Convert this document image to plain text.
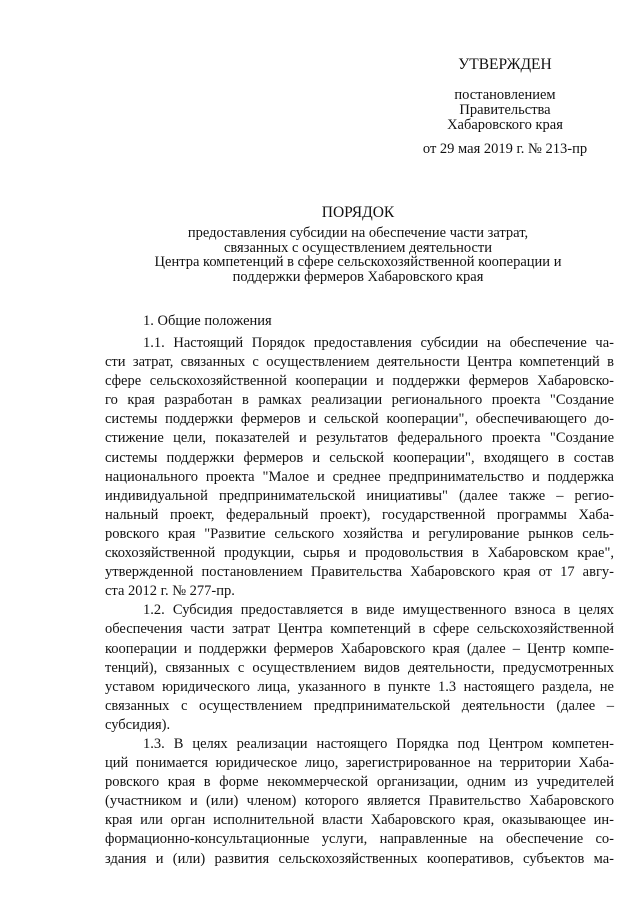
УТВЕРЖДЕН
постановлением
Правительства
Хабаровского края
от 29 мая 2019 г. № 213-пр
ПОРЯДОК
предоставления субсидии на обеспечение части затрат,
связанных с осуществлением деятельности
Центра компетенций в сфере сельскохозяйственной кооперации и
поддержки фермеров Хабаровского края
1. Общие положения
1.1. Настоящий Порядок предоставления субсидии на обеспечение ча-
сти затрат, связанных с осуществлением деятельности Центра компетенций в
сфере сельскохозяйственной кооперации и поддержки фермеров Хабаровско-
го края разработан в рамках реализации регионального проекта "Создание
системы поддержки фермеров и сельской кооперации", обеспечивающего до-
стижение цели, показателей и результатов федерального проекта "Создание
системы поддержки фермеров и сельской кооперации", входящего в состав
национального проекта "Малое и среднее предпринимательство и поддержка
индивидуальной предпринимательской инициативы" (далее также – регио-
нальный проект, федеральный проект), государственной программы Хаба-
ровского края "Развитие сельского хозяйства и регулирование рынков сель-
скохозяйственной продукции, сырья и продовольствия в Хабаровском крае",
утвержденной постановлением Правительства Хабаровского края от 17 авгу-
ста 2012 г. № 277-пр.
1.2. Субсидия предоставляется в виде имущественного взноса в целях
обеспечения части затрат Центра компетенций в сфере сельскохозяйственной
кооперации и поддержки фермеров Хабаровского края (далее – Центр компе-
тенций), связанных с осуществлением видов деятельности, предусмотренных
уставом юридического лица, указанного в пункте 1.3 настоящего раздела, не
связанных с осуществлением предпринимательской деятельности (далее –
субсидия).
1.3. В целях реализации настоящего Порядка под Центром компетен-
ций понимается юридическое лицо, зарегистрированное на территории Хаба-
ровского края в форме некоммерческой организации, одним из учредителей
(участником и (или) членом) которого является Правительство Хабаровского
края или орган исполнительной власти Хабаровского края, оказывающее ин-
формационно-консультационные услуги, направленные на обеспечение со-
здания и (или) развития сельскохозяйственных кооперативов, субъектов ма-
